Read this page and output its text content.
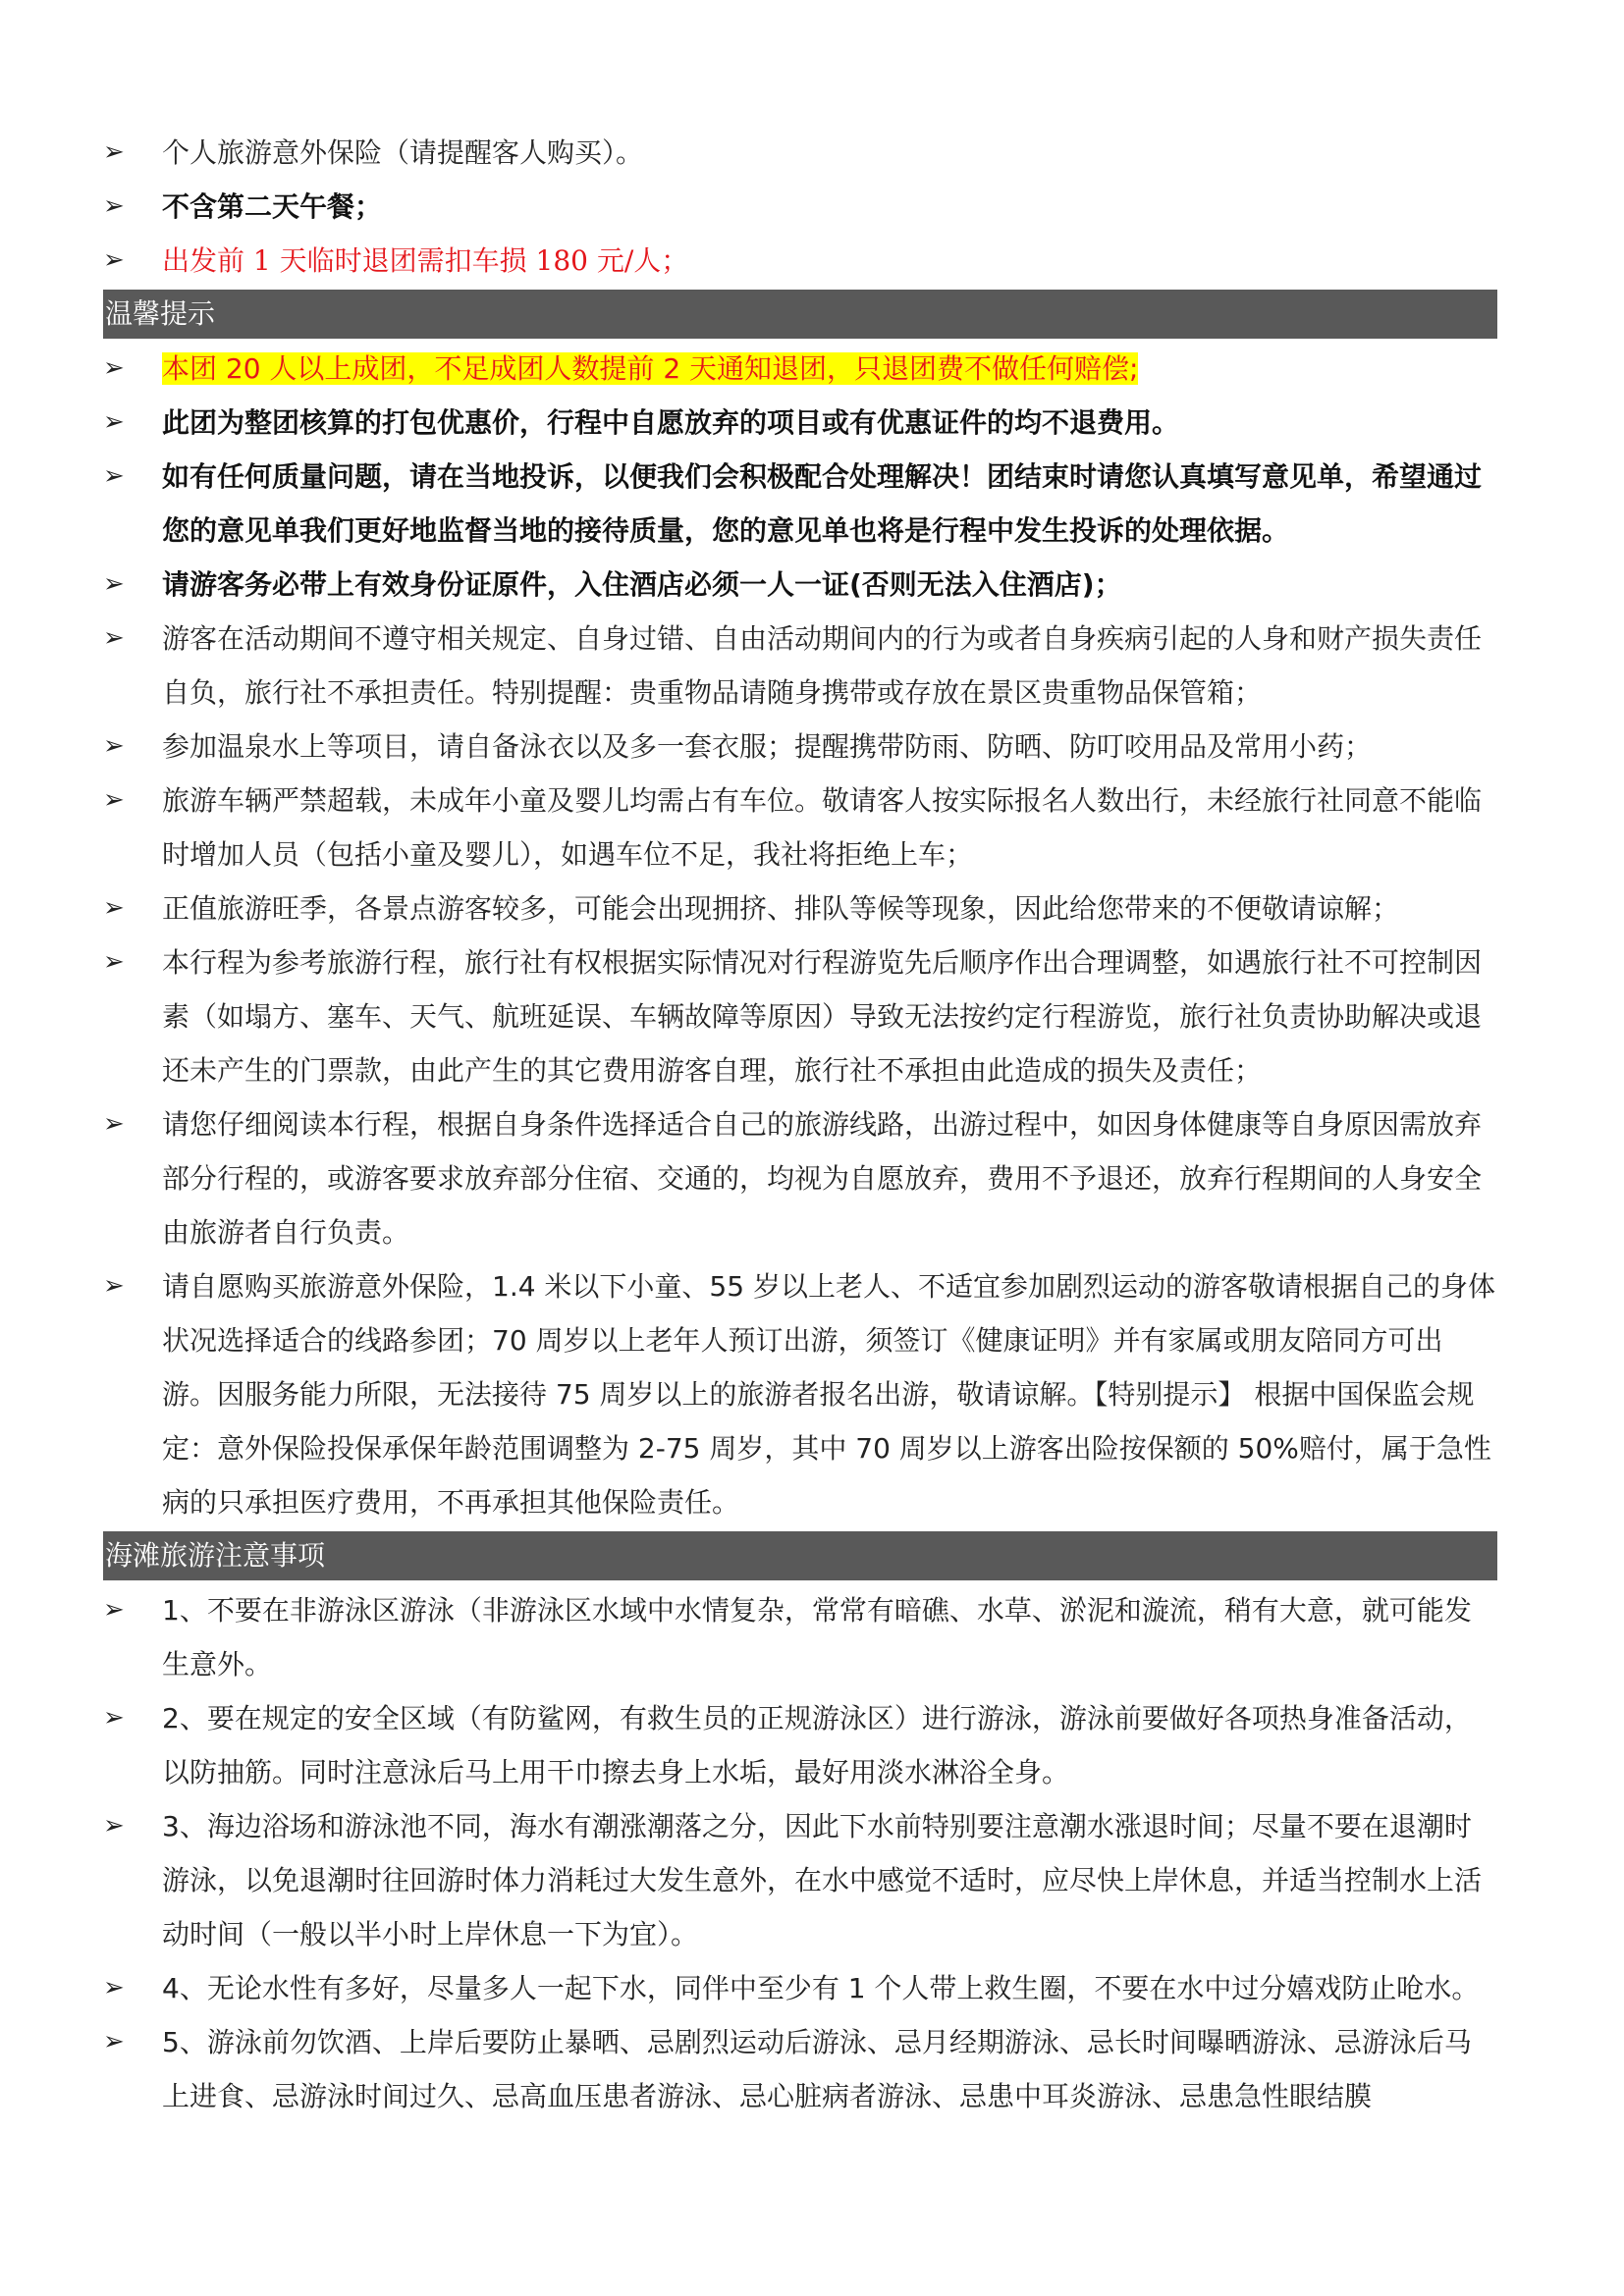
➢	个人旅游意外保险（请提醒客人购买）。
➢	不含第二天午餐；
➢	出发前 1 天临时退团需扣车损 180 元/人；
温馨提示
➢	本团 20 人以上成团，不足成团人数提前 2 天通知退团，只退团费不做任何赔偿;
➢	此团为整团核算的打包优惠价，行程中自愿放弃的项目或有优惠证件的均不退费用。
➢	如有任何质量问题，请在当地投诉，以便我们会积极配合处理解决！团结束时请您认真填写意见单，希望通过您的意见单我们更好地监督当地的接待质量，您的意见单也将是行程中发生投诉的处理依据。
➢	请游客务必带上有效身份证原件，入住酒店必须一人一证(否则无法入住酒店)；
➢	游客在活动期间不遵守相关规定、自身过错、自由活动期间内的行为或者自身疾病引起的人身和财产损失责任自负，旅行社不承担责任。特别提醒：贵重物品请随身携带或存放在景区贵重物品保管箱；
➢	参加温泉水上等项目，请自备泳衣以及多一套衣服；提醒携带防雨、防晒、防叮咬用品及常用小药；
➢	旅游车辆严禁超载，未成年小童及婴儿均需占有车位。敬请客人按实际报名人数出行，未经旅行社同意不能临时增加人员（包括小童及婴儿），如遇车位不足，我社将拒绝上车；
➢	正值旅游旺季，各景点游客较多，可能会出现拥挤、排队等候等现象，因此给您带来的不便敬请谅解；
➢	本行程为参考旅游行程，旅行社有权根据实际情况对行程游览先后顺序作出合理调整，如遇旅行社不可控制因素（如塌方、塞车、天气、航班延误、车辆故障等原因）导致无法按约定行程游览，旅行社负责协助解决或退还未产生的门票款，由此产生的其它费用游客自理，旅行社不承担由此造成的损失及责任；
➢	请您仔细阅读本行程，根据自身条件选择适合自己的旅游线路，出游过程中，如因身体健康等自身原因需放弃部分行程的，或游客要求放弃部分住宿、交通的，均视为自愿放弃，费用不予退还，放弃行程期间的人身安全由旅游者自行负责。
➢	请自愿购买旅游意外保险，1.4 米以下小童、55 岁以上老人、不适宜参加剧烈运动的游客敬请根据自己的身体状况选择适合的线路参团；70 周岁以上老年人预订出游，须签订《健康证明》并有家属或朋友陪同方可出游。因服务能力所限，无法接待 75 周岁以上的旅游者报名出游，敬请谅解。【特别提示】 根据中国保监会规定：意外保险投保承保年龄范围调整为 2-75 周岁，其中 70 周岁以上游客出险按保额的 50%赔付，属于急性病的只承担医疗费用，不再承担其他保险责任。
海滩旅游注意事项
➢	1、不要在非游泳区游泳（非游泳区水域中水情复杂，常常有暗礁、水草、淤泥和漩流，稍有大意，就可能发生意外。
➢	2、要在规定的安全区域（有防鲨网，有救生员的正规游泳区）进行游泳，游泳前要做好各项热身准备活动，以防抽筋。同时注意泳后马上用干巾擦去身上水垢，最好用淡水淋浴全身。
➢	3、海边浴场和游泳池不同，海水有潮涨潮落之分，因此下水前特别要注意潮水涨退时间；尽量不要在退潮时游泳，以免退潮时往回游时体力消耗过大发生意外，在水中感觉不适时，应尽快上岸休息，并适当控制水上活动时间（一般以半小时上岸休息一下为宜）。
➢	4、无论水性有多好，尽量多人一起下水，同伴中至少有 1 个人带上救生圈，不要在水中过分嬉戏防止呛水。
➢	5、游泳前勿饮酒、上岸后要防止暴晒、忌剧烈运动后游泳、忌月经期游泳、忌长时间曝晒游泳、忌游泳后马上进食、忌游泳时间过久、忌高血压患者游泳、忌心脏病者游泳、忌患中耳炎游泳、忌患急性眼结膜
